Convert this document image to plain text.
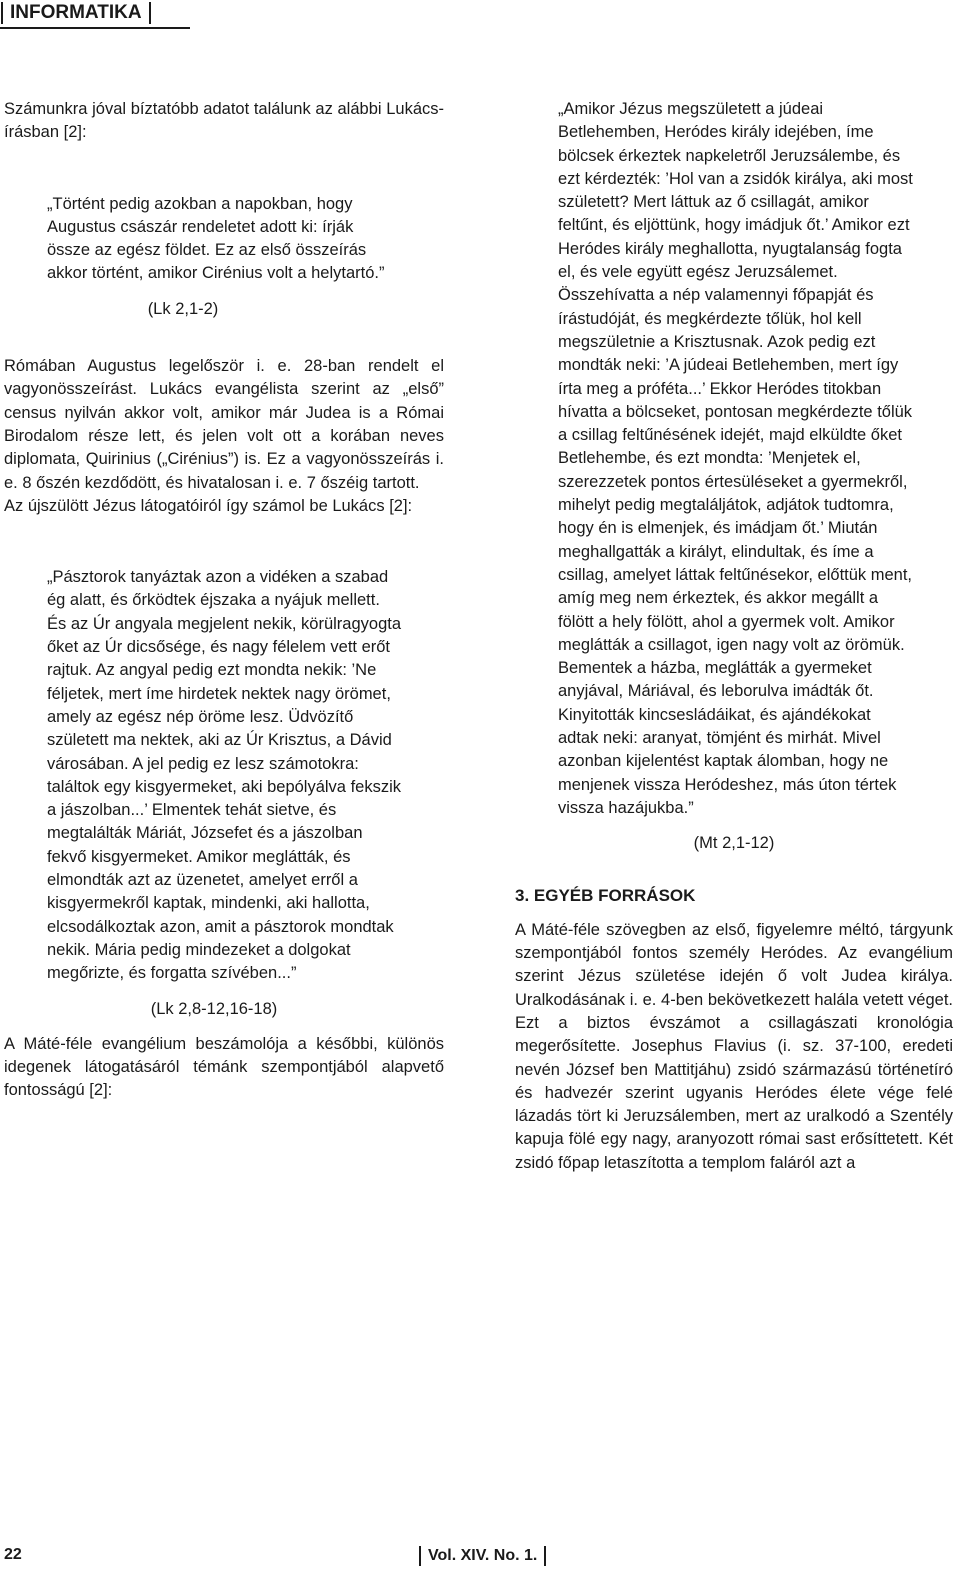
INFORMATIKA

Számunkra jóval bíztatóbb adatot találunk az alábbi Lukács-írásban [2]:

„Történt pedig azokban a napokban, hogy Augustus császár rendeletet adott ki: írják össze az egész földet. Ez az első összeírás akkor történt, amikor Cirénius volt a helytartó.”

(Lk 2,1-2)

Rómában Augustus legelőször i. e. 28-ban rendelt el vagyonösszeírást. Lukács evangélista szerint az „első” census nyilván akkor volt, amikor már Judea is a Római Birodalom része lett, és jelen volt ott a korában neves diplomata, Quirinius („Cirénius”) is. Ez a vagyonösszeírás i. e. 8 őszén kezdődött, és hivatalosan i. e. 7 őszéig tartott.

Az újszülött Jézus látogatóiról így számol be Lukács [2]:

„Pásztorok tanyáztak azon a vidéken a szabad ég alatt, és őrködtek éjszaka a nyájuk mellett. És az Úr angyala megjelent nekik, körülragyogta őket az Úr dicsősége, és nagy félelem vett erőt rajtuk. Az angyal pedig ezt mondta nekik: ’Ne féljetek, mert íme hirdetek nektek nagy örömet, amely az egész nép öröme lesz. Üdvözítő született ma nektek, aki az Úr Krisztus, a Dávid városában. A jel pedig ez lesz számotokra: találtok egy kisgyermeket, aki bepólyálva fekszik a jászolban...’ Elmentek tehát sietve, és megtalálták Máriát, Józsefet és a jászolban fekvő kisgyermeket. Amikor meglátták, és elmondták azt az üzenetet, amelyet erről a kisgyermekről kaptak, mindenki, aki hallotta, elcsodálkoztak azon, amit a pásztorok mondtak nekik. Mária pedig mindezeket a dolgokat megőrizte, és forgatta szívében...”

(Lk 2,8-12,16-18)

A Máté-féle evangélium beszámolója a későbbi, különös idegenek látogatásáról témánk szempontjából alapvető fontosságú [2]:

„Amikor Jézus megszületett a júdeai Betlehemben, Heródes király idejében, íme bölcsek érkeztek napkeletről Jeruzsálembe, és ezt kérdezték: ’Hol van a zsidók királya, aki most született? Mert láttuk az ő csillagát, amikor feltűnt, és eljöttünk, hogy imádjuk őt.’ Amikor ezt Heródes király meghallotta, nyugtalanság fogta el, és vele együtt egész Jeruzsálemet. Összehívatta a nép valamennyi főpapját és írástudóját, és megkérdezte tőlük, hol kell megszületnie a Krisztusnak. Azok pedig ezt mondták neki: ’A júdeai Betlehemben, mert így írta meg a próféta...’ Ekkor Heródes titokban hívatta a bölcseket, pontosan megkérdezte tőlük a csillag feltűnésének idejét, majd elküldte őket Betlehembe, és ezt mondta: ’Menjetek el, szerezzetek pontos értesüléseket a gyermekről, mihelyt pedig megtaláljátok, adjátok tudtomra, hogy én is elmenjek, és imádjam őt.’ Miután meghallgatták a királyt, elindultak, és íme a csillag, amelyet láttak feltűnésekor, előttük ment, amíg meg nem érkeztek, és akkor megállt a fölött a hely fölött, ahol a gyermek volt. Amikor meglátták a csillagot, igen nagy volt az örömük. Bementek a házba, meglátták a gyermeket anyjával, Máriával, és leborulva imádták őt. Kinyitották kincsesládáikat, és ajándékokat adtak neki: aranyat, tömjént és mirhát. Mivel azonban kijelentést kaptak álomban, hogy ne menjenek vissza Heródeshez, más úton tértek vissza hazájukba.”

(Mt 2,1-12)

3. EGYÉB FORRÁSOK

A Máté-féle szövegben az első, figyelemre méltó, tárgyunk szempontjából fontos személy Heródes. Az evangélium szerint Jézus születése idején ő volt Judea királya. Uralkodásának i. e. 4-ben bekövetkezett halála vetett véget. Ezt a biztos évszámot a csillagászati kronológia megerősítette. Josephus Flavius (i. sz. 37-100, eredeti nevén József ben Mattitjáhu) zsidó származású történetíró és hadvezér szerint ugyanis Heródes élete vége felé lázadás tört ki Jeruzsálemben, mert az uralkodó a Szentély kapuja fölé egy nagy, aranyozott római sast erősíttetett. Két zsidó főpap letaszította a templom faláról azt a

22	Vol. XIV. No. 1.
